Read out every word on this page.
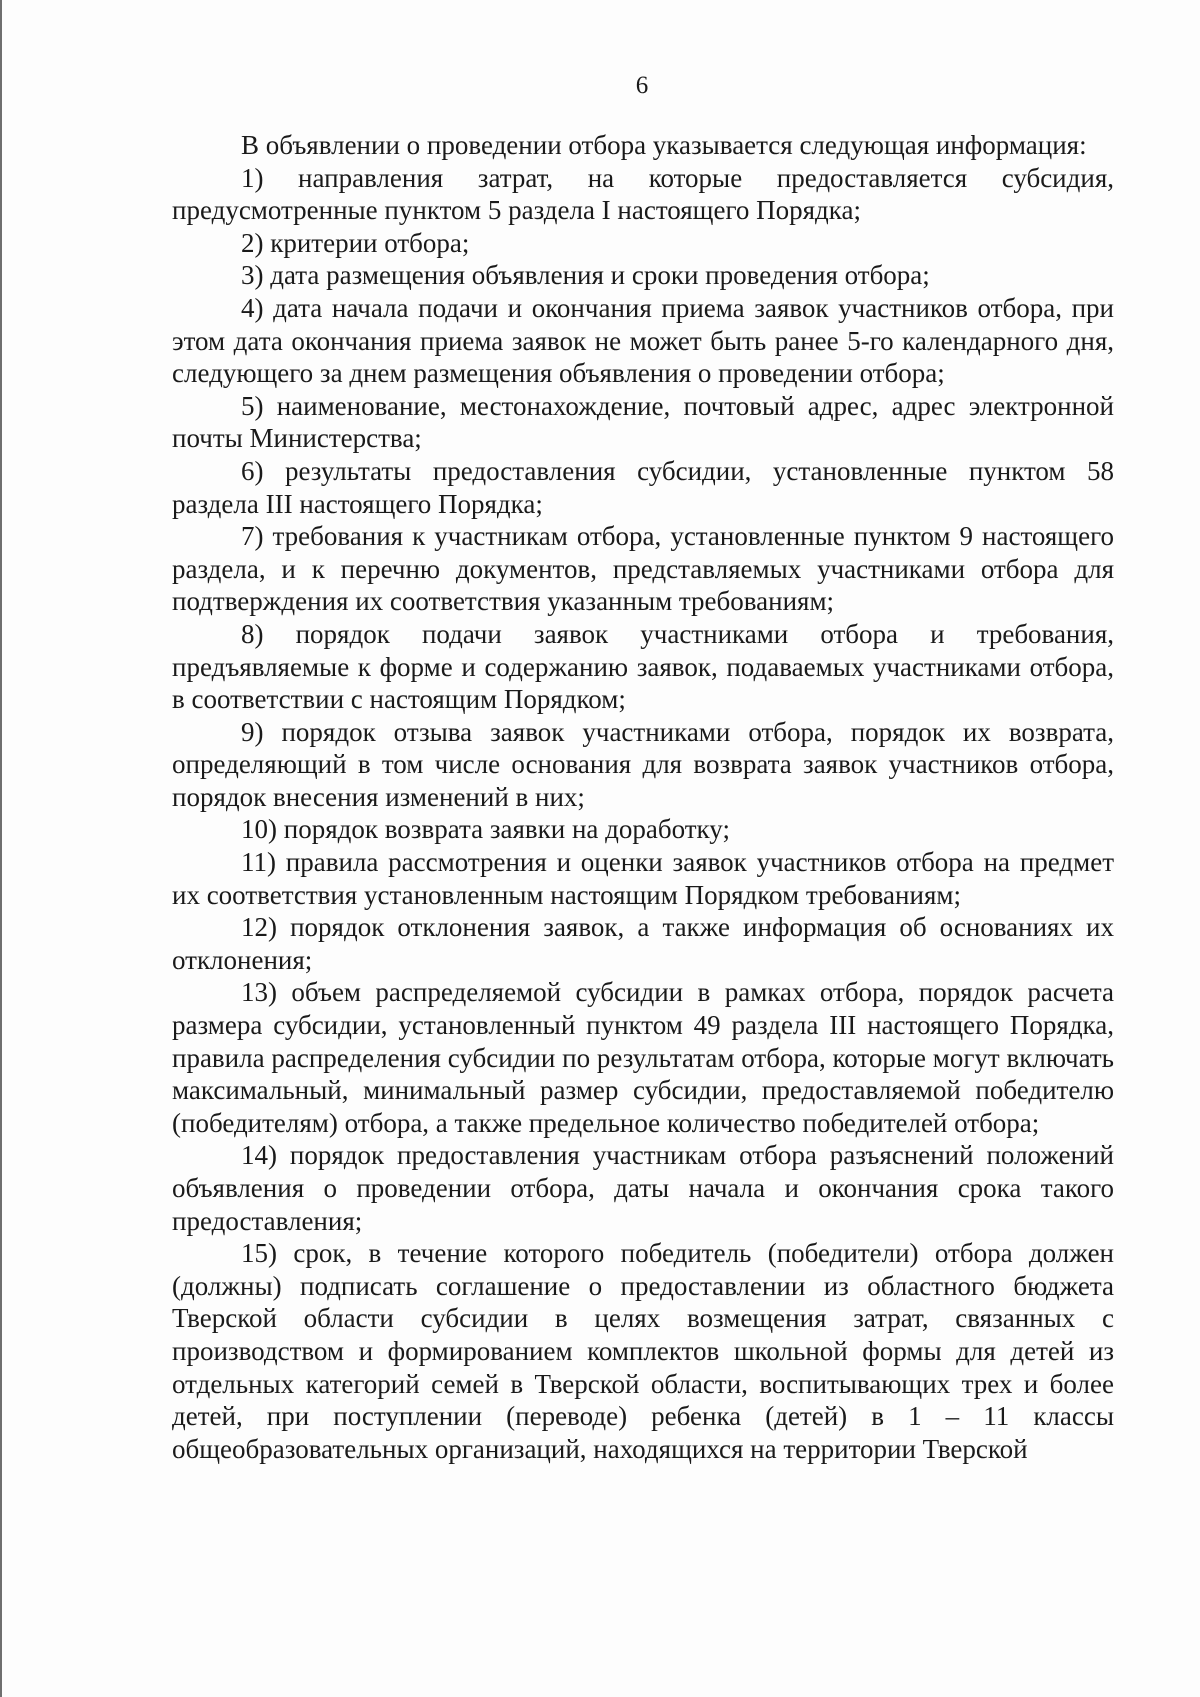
6

В объявлении о проведении отбора указывается следующая информация:

1) направления затрат, на которые предоставляется субсидия, предусмотренные пунктом 5 раздела I настоящего Порядка;

2) критерии отбора;

3) дата размещения объявления и сроки проведения отбора;

4) дата начала подачи и окончания приема заявок участников отбора, при этом дата окончания приема заявок не может быть ранее 5-го календарного дня, следующего за днем размещения объявления о проведении отбора;

5) наименование, местонахождение, почтовый адрес, адрес электронной почты Министерства;

6) результаты предоставления субсидии, установленные пунктом 58 раздела III настоящего Порядка;

7) требования к участникам отбора, установленные пунктом 9 настоящего раздела, и к перечню документов, представляемых участниками отбора для подтверждения их соответствия указанным требованиям;

8) порядок подачи заявок участниками отбора и требования, предъявляемые к форме и содержанию заявок, подаваемых участниками отбора, в соответствии с настоящим Порядком;

9) порядок отзыва заявок участниками отбора, порядок их возврата, определяющий в том числе основания для возврата заявок участников отбора, порядок внесения изменений в них;

10) порядок возврата заявки на доработку;

11) правила рассмотрения и оценки заявок участников отбора на предмет их соответствия установленным настоящим Порядком требованиям;

12) порядок отклонения заявок, а также информация об основаниях их отклонения;

13) объем распределяемой субсидии в рамках отбора, порядок расчета размера субсидии, установленный пунктом 49 раздела III настоящего Порядка, правила распределения субсидии по результатам отбора, которые могут включать максимальный, минимальный размер субсидии, предоставляемой победителю (победителям) отбора, а также предельное количество победителей отбора;

14) порядок предоставления участникам отбора разъяснений положений объявления о проведении отбора, даты начала и окончания срока такого предоставления;

15) срок, в течение которого победитель (победители) отбора должен (должны) подписать соглашение о предоставлении из областного бюджета Тверской области субсидии в целях возмещения затрат, связанных с производством и формированием комплектов школьной формы для детей из отдельных категорий семей в Тверской области, воспитывающих трех и более детей, при поступлении (переводе) ребенка (детей) в 1 – 11 классы общеобразовательных организаций, находящихся на территории Тверской
